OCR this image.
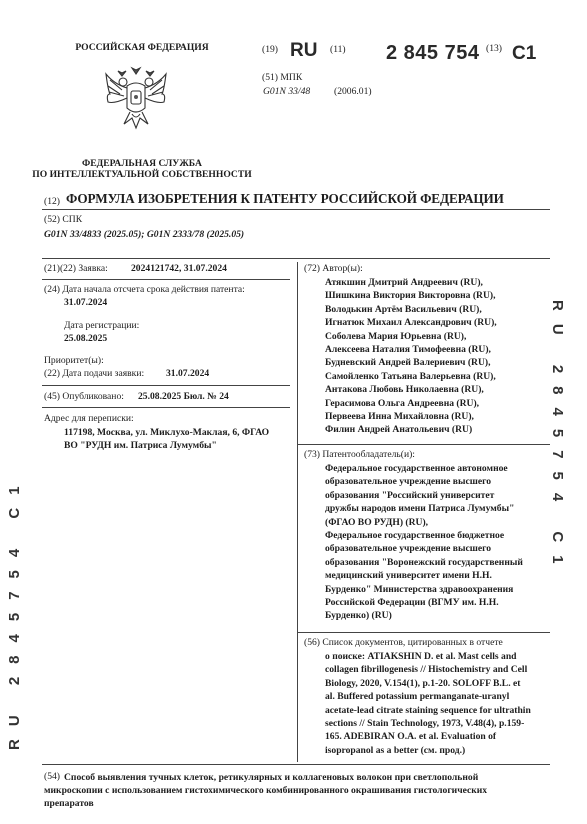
РОССИЙСКАЯ ФЕДЕРАЦИЯ
ФЕДЕРАЛЬНАЯ СЛУЖБА
ПО ИНТЕЛЛЕКТУАЛЬНОЙ СОБСТВЕННОСТИ
(19) RU (11) 2 845 754 (13) C1
(51) МПК
G01N 33/48 (2006.01)
(12) ФОРМУЛА ИЗОБРЕТЕНИЯ К ПАТЕНТУ РОССИЙСКОЙ ФЕДЕРАЦИИ
(52) СПК
G01N 33/4833 (2025.05); G01N 2333/78 (2025.05)
(21)(22) Заявка: 2024121742, 31.07.2024
(24) Дата начала отсчета срока действия патента:
31.07.2024
Дата регистрации:
25.08.2025
Приоритет(ы):
(22) Дата подачи заявки: 31.07.2024
(45) Опубликовано: 25.08.2025 Бюл. № 24
Адрес для переписки:
117198, Москва, ул. Миклухо-Маклая, 6, ФГАО
ВО "РУДН им. Патриса Лумумбы"
(72) Автор(ы):
Атякшин Дмитрий Андреевич (RU),
Шишкина Виктория Викторовна (RU),
Володькин Артём Васильевич (RU),
Игнатюк Михаил Александрович (RU),
Соболева Мария Юрьевна (RU),
Алексеева Наталия Тимофеевна (RU),
Будневский Андрей Валериевич (RU),
Самойленко Татьяна Валерьевна (RU),
Антакова Любовь Николаевна (RU),
Герасимова Ольга Андреевна (RU),
Первеева Инна Михайловна (RU),
Филин Андрей Анатольевич (RU)
(73) Патентообладатель(и):
Федеральное государственное автономное
образовательное учреждение высшего
образования "Российский университет
дружбы народов имени Патриса Лумумбы"
(ФГАО ВО РУДН) (RU),
Федеральное государственное бюджетное
образовательное учреждение высшего
образования "Воронежский государственный
медицинский университет имени Н.Н.
Бурденко" Министерства здравоохранения
Российской Федерации (ВГМУ им. Н.Н.
Бурденко) (RU)
(56) Список документов, цитированных в отчете
о поиске: ATIAKSHIN D. et al. Mast cells and
collagen fibrillogenesis // Histochemistry and Cell
Biology, 2020, V.154(1), p.1-20. SOLOFF B.L. et
al. Buffered potassium permanganate-uranyl
acetate-lead citrate staining sequence for ultrathin
sections // Stain Technology, 1973, V.48(4), p.159-
165. ADEBIRAN O.A. et al. Evaluation of
isopropanol as a better (см. прод.)
(54) Способ выявления тучных клеток, ретикулярных и коллагеновых волокон при светлопольной
микроскопии с использованием гистохимического комбинированного окрашивания гистологических
препаратов
RU 2845754 C1
RU 2845754 C1
